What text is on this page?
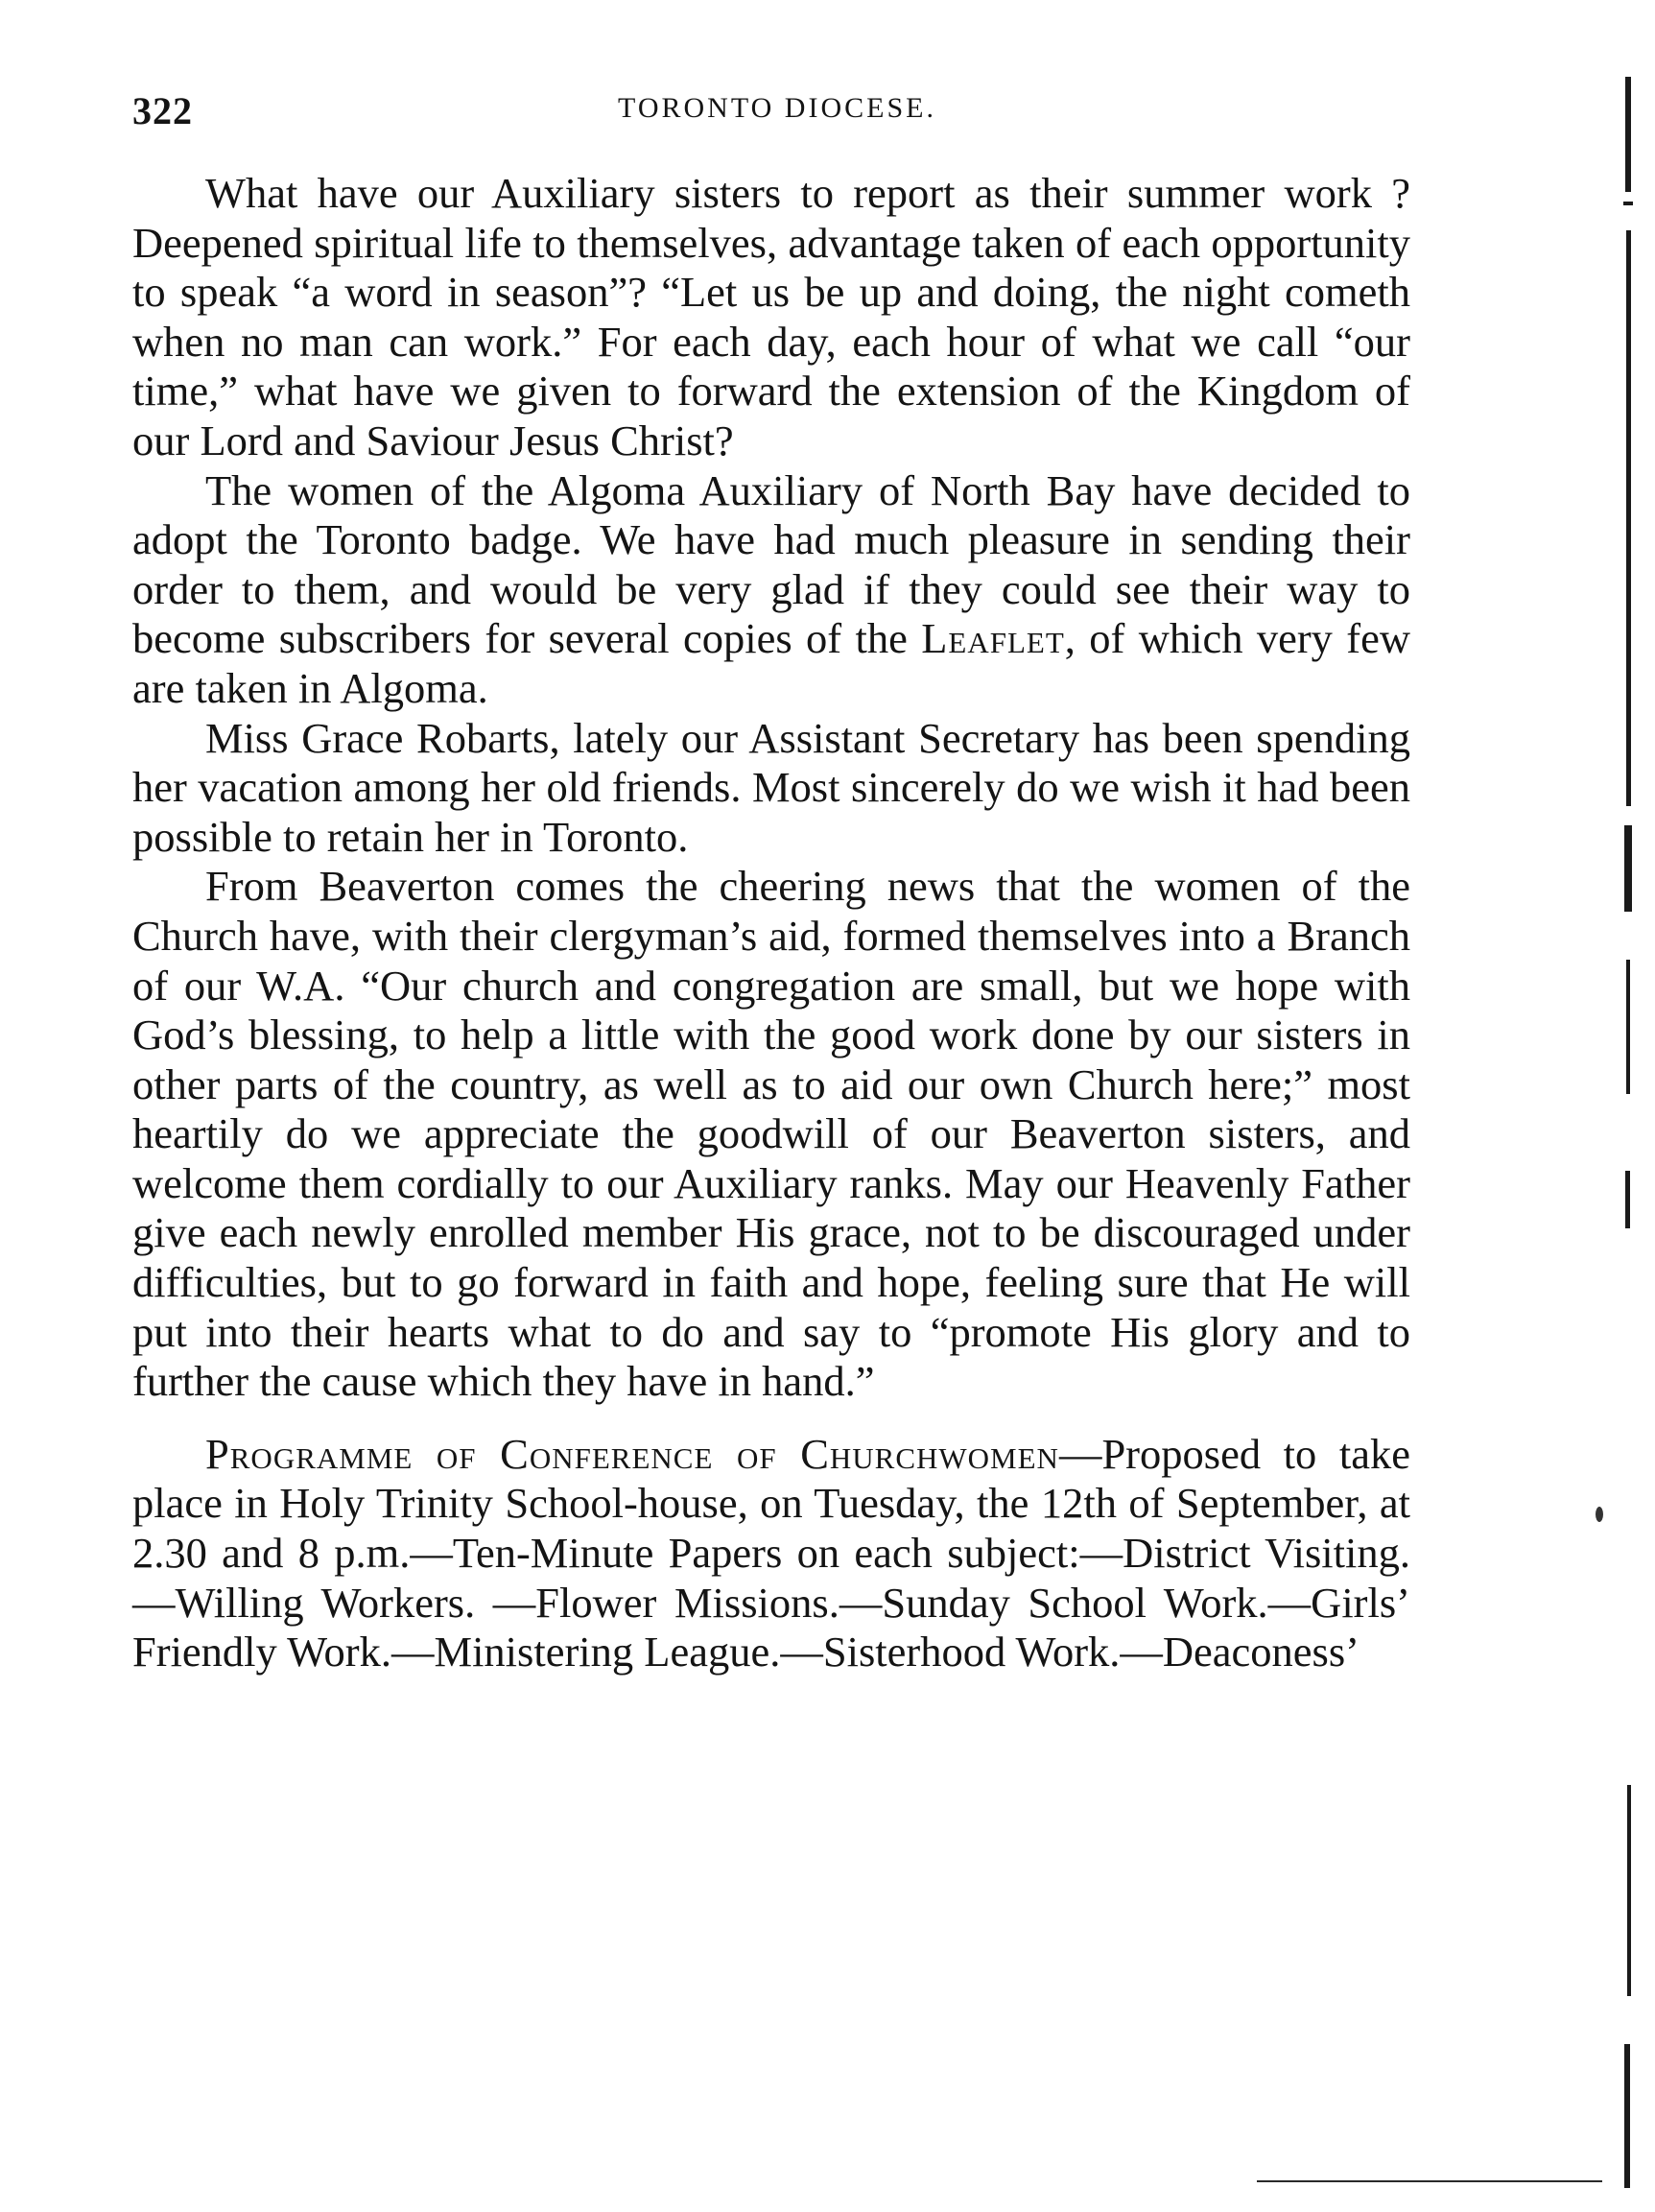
322	TORONTO DIOCESE.

What have our Auxiliary sisters to report as their summer work ? Deepened spiritual life to themselves, advantage taken of each opportunity to speak “a word in season”? “Let us be up and doing, the night cometh when no man can work.” For each day, each hour of what we call “our time,” what have we given to forward the extension of the Kingdom of our Lord and Saviour Jesus Christ?

The women of the Algoma Auxiliary of North Bay have decided to adopt the Toronto badge. We have had much pleasure in sending their order to them, and would be very glad if they could see their way to become subscribers for several copies of the Leaflet, of which very few are taken in Algoma.

Miss Grace Robarts, lately our Assistant Secretary has been spending her vacation among her old friends. Most sincerely do we wish it had been possible to retain her in Toronto.

From Beaverton comes the cheering news that the women of the Church have, with their clergyman’s aid, formed themselves into a Branch of our W.A. “Our church and congregation are small, but we hope with God’s blessing, to help a little with the good work done by our sisters in other parts of the country, as well as to aid our own Church here;” most heartily do we appreciate the goodwill of our Beaverton sisters, and welcome them cordially to our Auxiliary ranks. May our Heavenly Father give each newly enrolled member His grace, not to be discouraged under difficulties, but to go forward in faith and hope, feeling sure that He will put into their hearts what to do and say to “promote His glory and to further the cause which they have in hand.”

Programme of Conference of Churchwomen—Proposed to take place in Holy Trinity School-house, on Tuesday, the 12th of September, at 2.30 and 8 p.m.—Ten-Minute Papers on each subject:—District Visiting.—Willing Workers. —Flower Missions.—Sunday School Work.—Girls’ Friendly Work.—Ministering League.—Sisterhood Work.—Deaconess’
